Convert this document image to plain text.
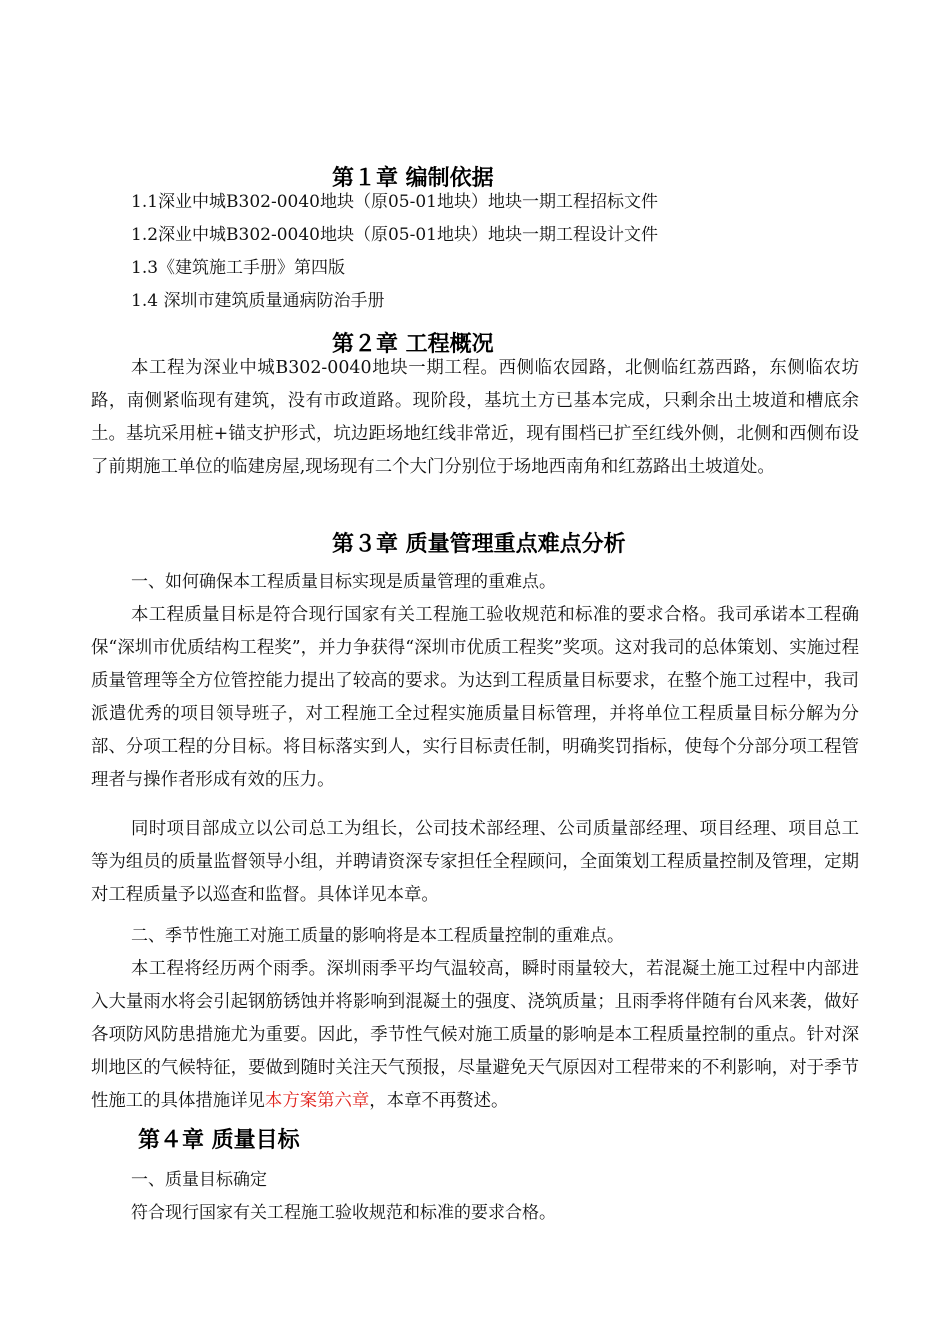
第１章 编制依据
1.1深业中城B302-0040地块（原05-01地块）地块一期工程招标文件
1.2深业中城B302-0040地块（原05-01地块）地块一期工程设计文件
1.3《建筑施工手册》第四版
1.4 深圳市建筑质量通病防治手册
第２章 工程概况
本工程为深业中城B302-0040地块一期工程。西侧临农园路，北侧临红荔西路，东侧临农坊路，南侧紧临现有建筑，没有市政道路。现阶段，基坑土方已基本完成，只剩余出土坡道和槽底余土。基坑采用桩+锚支护形式，坑边距场地红线非常近，现有围档已扩至红线外侧，北侧和西侧布设了前期施工单位的临建房屋,现场现有二个大门分别位于场地西南角和红荔路出土坡道处。
第３章 质量管理重点难点分析
一、如何确保本工程质量目标实现是质量管理的重难点。
本工程质量目标是符合现行国家有关工程施工验收规范和标准的要求合格。我司承诺本工程确保“深圳市优质结构工程奖”，并力争获得“深圳市优质工程奖”奖项。这对我司的总体策划、实施过程质量管理等全方位管控能力提出了较高的要求。为达到工程质量目标要求，在整个施工过程中，我司派遣优秀的项目领导班子，对工程施工全过程实施质量目标管理，并将单位工程质量目标分解为分部、分项工程的分目标。将目标落实到人，实行目标责任制，明确奖罚指标，使每个分部分项工程管理者与操作者形成有效的压力。
同时项目部成立以公司总工为组长，公司技术部经理、公司质量部经理、项目经理、项目总工等为组员的质量监督领导小组，并聘请资深专家担任全程顾问，全面策划工程质量控制及管理，定期对工程质量予以巡查和监督。具体详见本章。
二、季节性施工对施工质量的影响将是本工程质量控制的重难点。
本工程将经历两个雨季。深圳雨季平均气温较高，瞬时雨量较大，若混凝土施工过程中内部进入大量雨水将会引起钢筋锈蚀并将影响到混凝土的强度、浇筑质量；且雨季将伴随有台风来袭，做好各项防风防患措施尤为重要。因此，季节性气候对施工质量的影响是本工程质量控制的重点。针对深圳地区的气候特征，要做到随时关注天气预报，尽量避免天气原因对工程带来的不利影响，对于季节性施工的具体措施详见本方案第六章，本章不再赘述。
第４章 质量目标
一、质量目标确定
符合现行国家有关工程施工验收规范和标准的要求合格。
